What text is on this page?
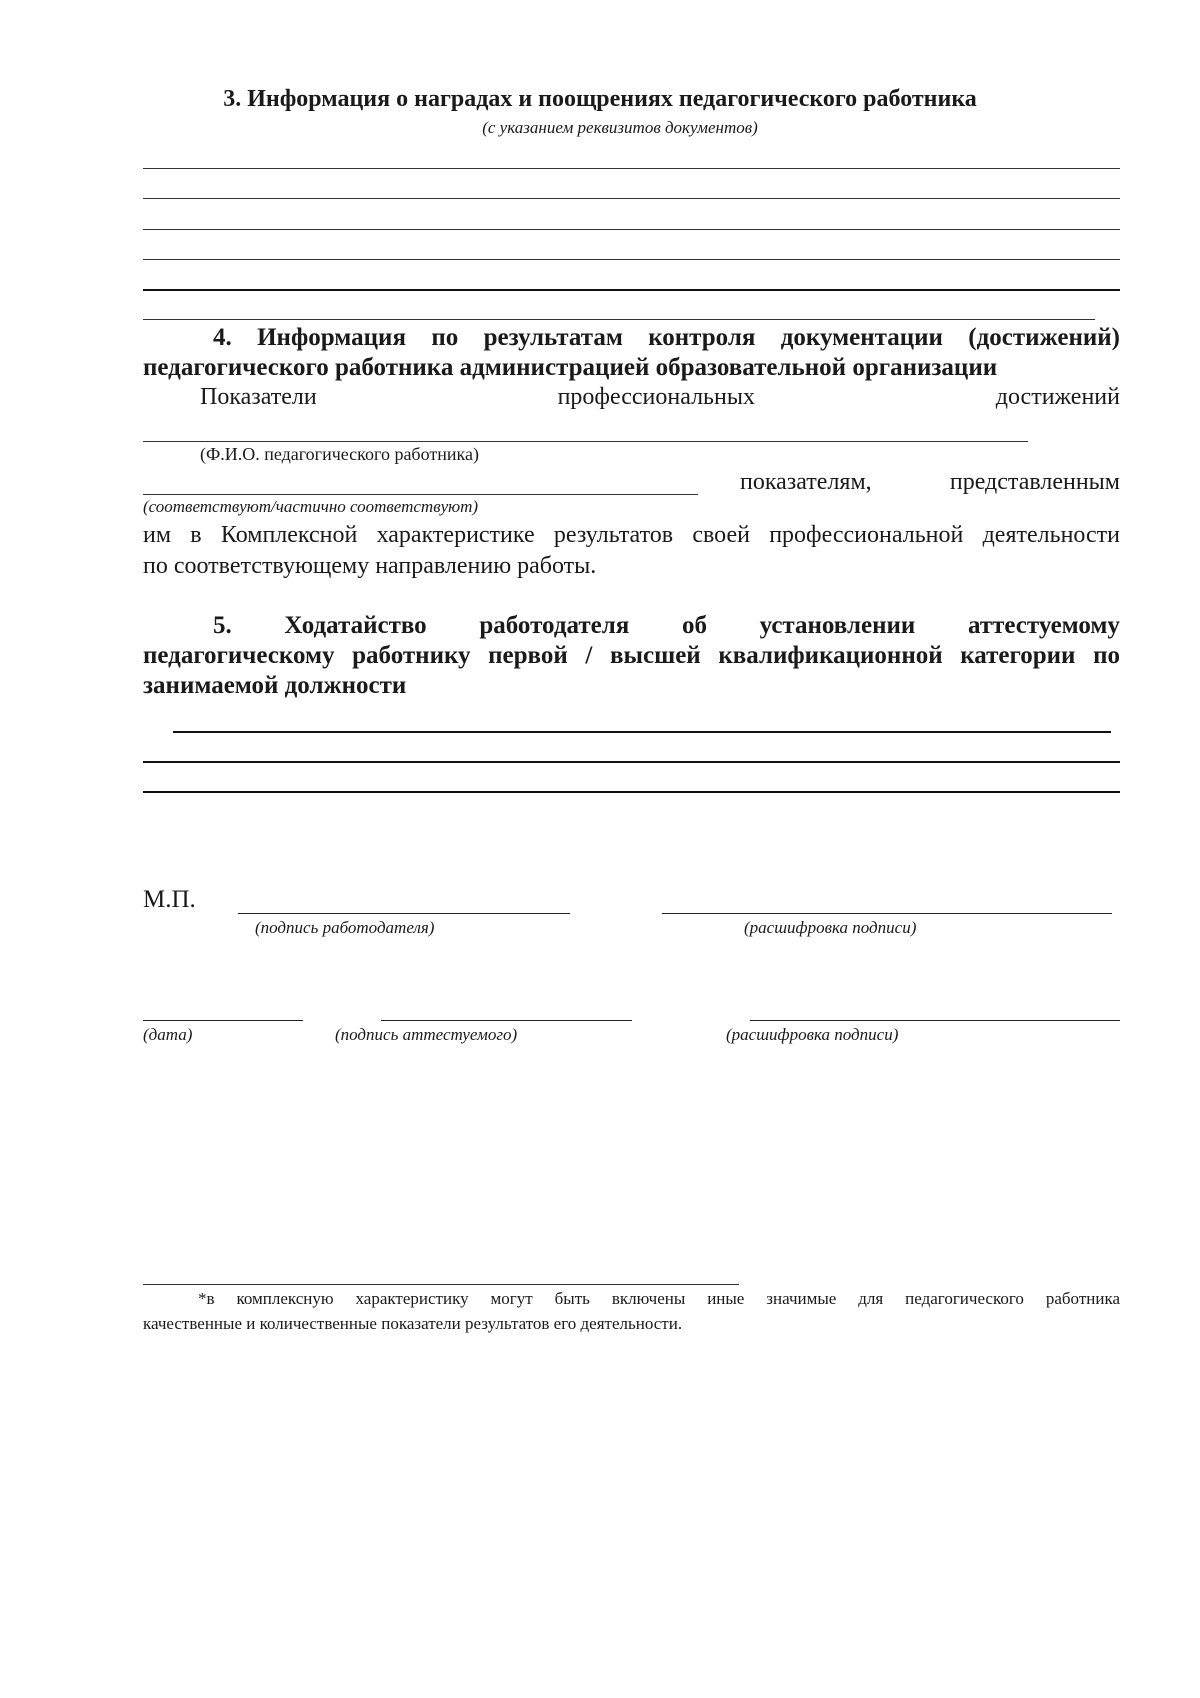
3. Информация о наградах и поощрениях педагогического работника
(с указанием реквизитов документов)
4. Информация по результатам контроля документации (достижений)
педагогического работника администрацией образовательной организации
Показатели	профессиональных	достижений
(Ф.И.О. педагогического работника)
показателям,	представленным
(соответствуют/частично соответствуют)
им в Комплексной характеристике результатов своей профессиональной деятельности
по соответствующему направлению работы.
5. Ходатайство работодателя об установлении аттестуемому
педагогическому работнику первой / высшей квалификационной категории по
занимаемой должности
М.П.
(подпись работодателя)	(расшифровка подписи)
(дата)	(подпись аттестуемого)	(расшифровка подписи)
*в комплексную характеристику могут быть включены иные значимые для педагогического работника
качественные и количественные показатели результатов его деятельности.
